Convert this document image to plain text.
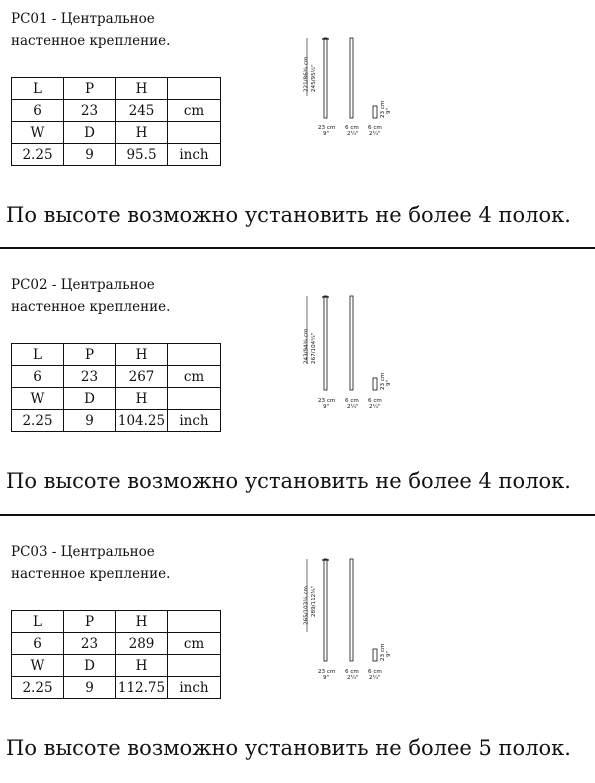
PC01 - Центральное
настенное крепление.
L	P	H	
6	23	245	cm
W	D	H	
2.25	9	95.5	inch
221/86¾ cm 245/95½"
23 cm 9"
23 cm
9"
6 cm
2¼"
6 cm
2¼"
По высоте возможно установить не более 4 полок.
PC02 - Центральное
настенное крепление.
L	P	H	
6	23	267	cm
W	D	H	
2.25	9	104.25	inch
243/94¾ cm 267/104¼"
23 cm 9"
23 cm
9"
6 cm
2¼"
6 cm
2¼"
По высоте возможно установить не более 4 полок.
PC03 - Центральное
настенное крепление.
L	P	H	
6	23	289	cm
W	D	H	
2.25	9	112.75	inch
265/103¼ cm 289/112¾"
23 cm 9"
23 cm
9"
6 cm
2¼"
6 cm
2¼"
По высоте возможно установить не более 5 полок.
